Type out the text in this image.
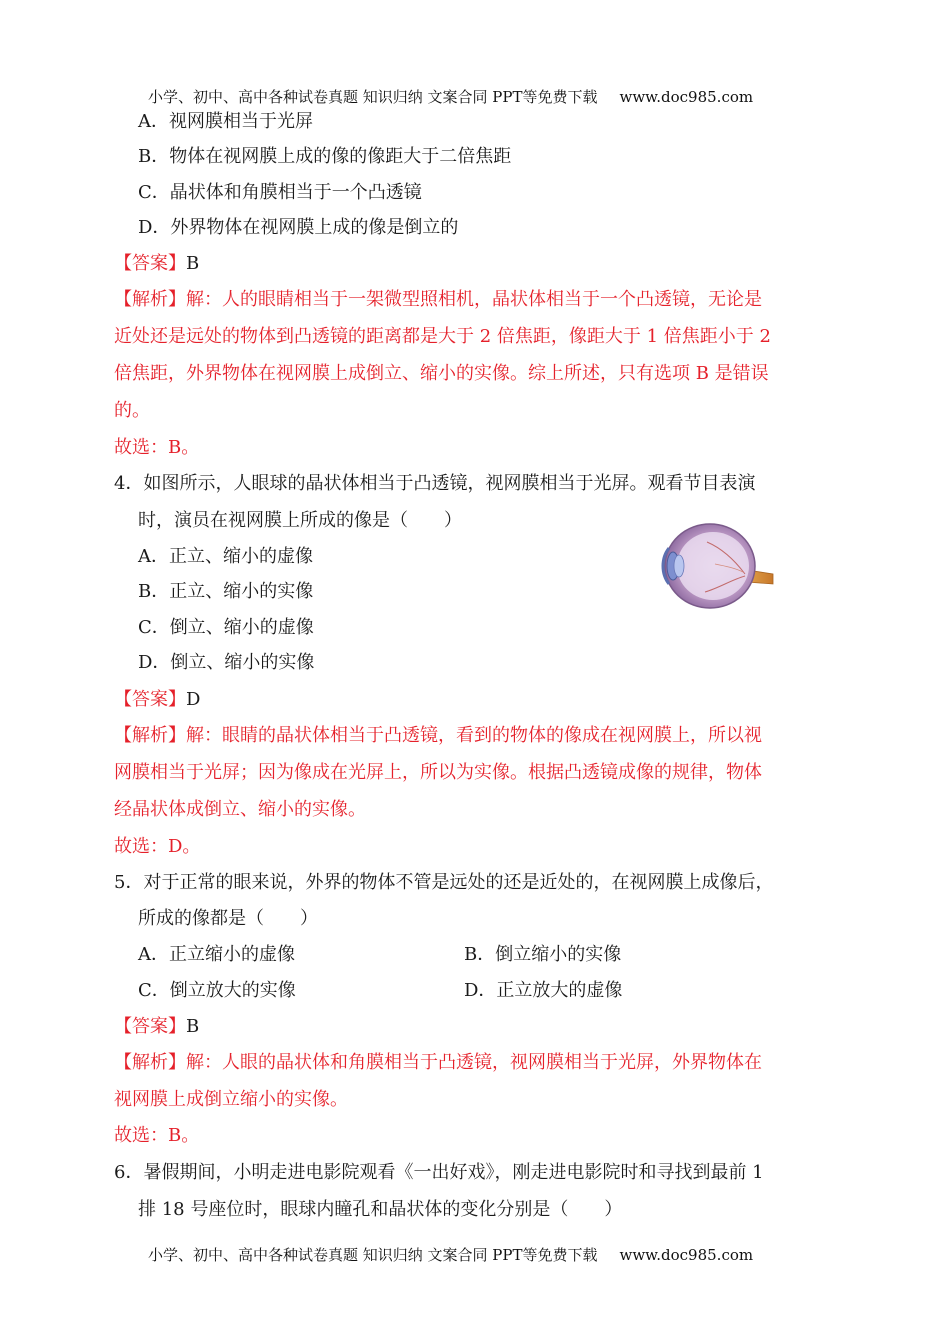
小学、初中、高中各种试卷真题 知识归纳 文案合同 PPT等免费下载 www.doc985.com
A．视网膜相当于光屏
B．物体在视网膜上成的像的像距大于二倍焦距
C．晶状体和角膜相当于一个凸透镜
D．外界物体在视网膜上成的像是倒立的
【答案】B
【解析】解：人的眼睛相当于一架微型照相机，晶状体相当于一个凸透镜，无论是
近处还是远处的物体到凸透镜的距离都是大于 2 倍焦距，像距大于 1 倍焦距小于 2
倍焦距，外界物体在视网膜上成倒立、缩小的实像。综上所述，只有选项 B 是错误
的。
故选：B。
4．如图所示，人眼球的晶状体相当于凸透镜，视网膜相当于光屏。观看节目表演
时，演员在视网膜上所成的像是（　　）
A．正立、缩小的虚像
B．正立、缩小的实像
C．倒立、缩小的虚像
D．倒立、缩小的实像
【答案】D
【解析】解：眼睛的晶状体相当于凸透镜，看到的物体的像成在视网膜上，所以视
网膜相当于光屏；因为像成在光屏上，所以为实像。根据凸透镜成像的规律，物体
经晶状体成倒立、缩小的实像。
故选：D。
5．对于正常的眼来说，外界的物体不管是远处的还是近处的，在视网膜上成像后，
所成的像都是（　　）
A．正立缩小的虚像	B．倒立缩小的实像
C．倒立放大的实像	D．正立放大的虚像
【答案】B
【解析】解：人眼的晶状体和角膜相当于凸透镜，视网膜相当于光屏，外界物体在
视网膜上成倒立缩小的实像。
故选：B。
6．暑假期间，小明走进电影院观看《一出好戏》，刚走进电影院时和寻找到最前 1
排 18 号座位时，眼球内瞳孔和晶状体的变化分别是（　　）
小学、初中、高中各种试卷真题 知识归纳 文案合同 PPT等免费下载 www.doc985.com
